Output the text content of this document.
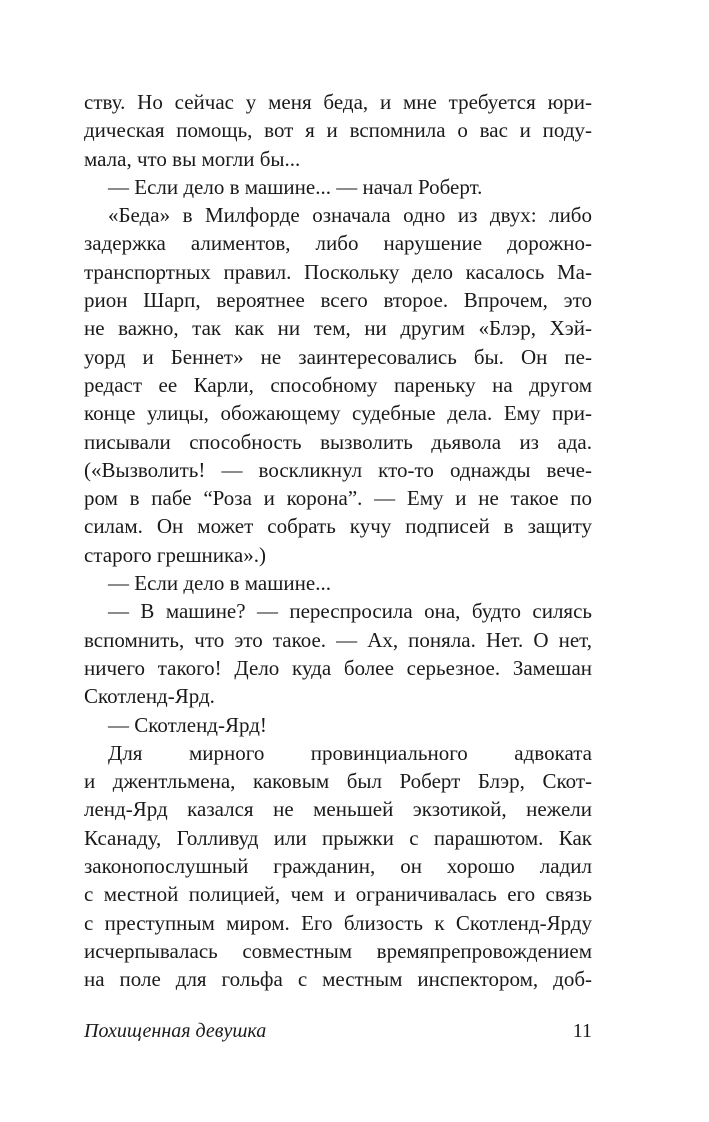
ству. Но сейчас у меня беда, и мне требуется юри-
дическая помощь, вот я и вспомнила о вас и поду-
мала, что вы могли бы...
— Если дело в машине... — начал Роберт.
«Беда» в Милфорде означала одно из двух: либо
задержка алиментов, либо нарушение дорожно-
транспортных правил. Поскольку дело касалось Ма-
рион Шарп, вероятнее всего второе. Впрочем, это
не важно, так как ни тем, ни другим «Блэр, Хэй-
уорд и Беннет» не заинтересовались бы. Он пе-
редаст ее Карли, способному пареньку на другом
конце улицы, обожающему судебные дела. Ему при-
писывали способность вызволить дьявола из ада.
(«Вызволить! — воскликнул кто-то однажды вече-
ром в пабе “Роза и корона”. — Ему и не такое по
силам. Он может собрать кучу подписей в защиту
старого грешника».)
— Если дело в машине...
— В машине? — переспросила она, будто силясь
вспомнить, что это такое. — Ах, поняла. Нет. О нет,
ничего такого! Дело куда более серьезное. Замешан
Скотленд-Ярд.
— Скотленд-Ярд!
Для мирного провинциального адвоката
и джентльмена, каковым был Роберт Блэр, Скот-
ленд-Ярд казался не меньшей экзотикой, нежели
Ксанаду, Голливуд или прыжки с парашютом. Как
законопослушный гражданин, он хорошо ладил
с местной полицией, чем и ограничивалась его связь
с преступным миром. Его близость к Скотленд-Ярду
исчерпывалась совместным времяпрепровождением
на поле для гольфа с местным инспектором, доб-
Похищенная девушка	11
